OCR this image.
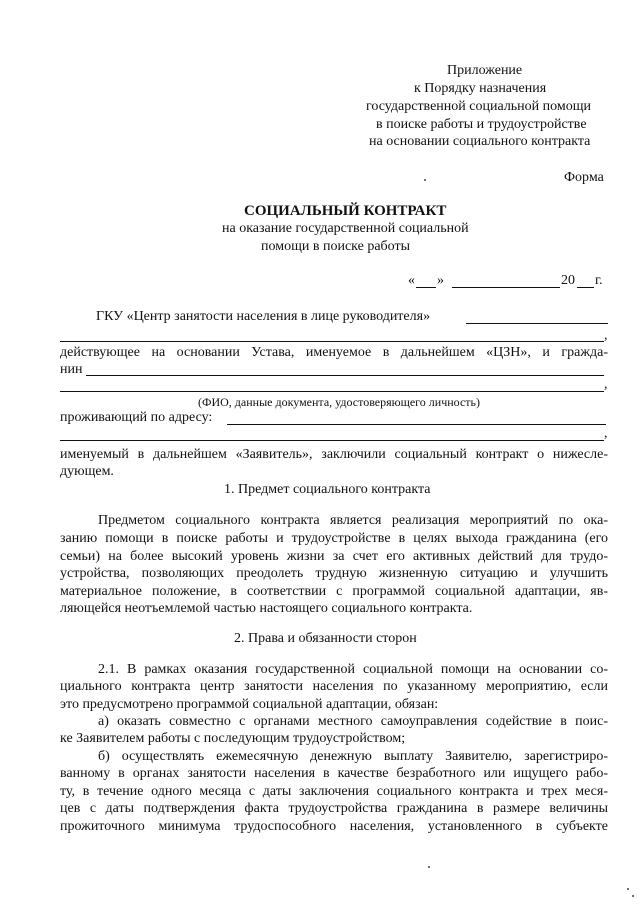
Приложение
к Порядку назначения
государственной социальной помощи
в поиске работы и трудоустройстве
на основании социального контракта
Форма
СОЦИАЛЬНЫЙ КОНТРАКТ
на оказание государственной социальной
помощи в поиске работы
« »	20 г.
ГКУ «Центр занятости населения в лице руководителя»
,
действующее на основании Устава, именуемое в дальнейшем «ЦЗН», и гражда-
нин
,
(ФИО, данные документа, удостоверяющего личность)
проживающий по адресу:
,
именуемый в дальнейшем «Заявитель», заключили социальный контракт о нижесле-
дующем.
1. Предмет социального контракта
Предметом социального контракта является реализация мероприятий по ока-
занию помощи в поиске работы и трудоустройстве в целях выхода гражданина (его
семьи) на более высокий уровень жизни за счет его активных действий для трудо-
устройства, позволяющих преодолеть трудную жизненную ситуацию и улучшить
материальное положение, в соответствии с программой социальной адаптации, яв-
ляющейся неотъемлемой частью настоящего социального контракта.
2. Права и обязанности сторон
2.1. В рамках оказания государственной социальной помощи на основании со-
циального контракта центр занятости населения по указанному мероприятию, если
это предусмотрено программой социальной адаптации, обязан:
а) оказать совместно с органами местного самоуправления содействие в поис-
ке Заявителем работы с последующим трудоустройством;
б) осуществлять ежемесячную денежную выплату Заявителю, зарегистриро-
ванному в органах занятости населения в качестве безработного или ищущего рабо-
ту, в течение одного месяца с даты заключения социального контракта и трех меся-
цев с даты подтверждения факта трудоустройства гражданина в размере величины
прожиточного минимума трудоспособного населения, установленного в субъекте
